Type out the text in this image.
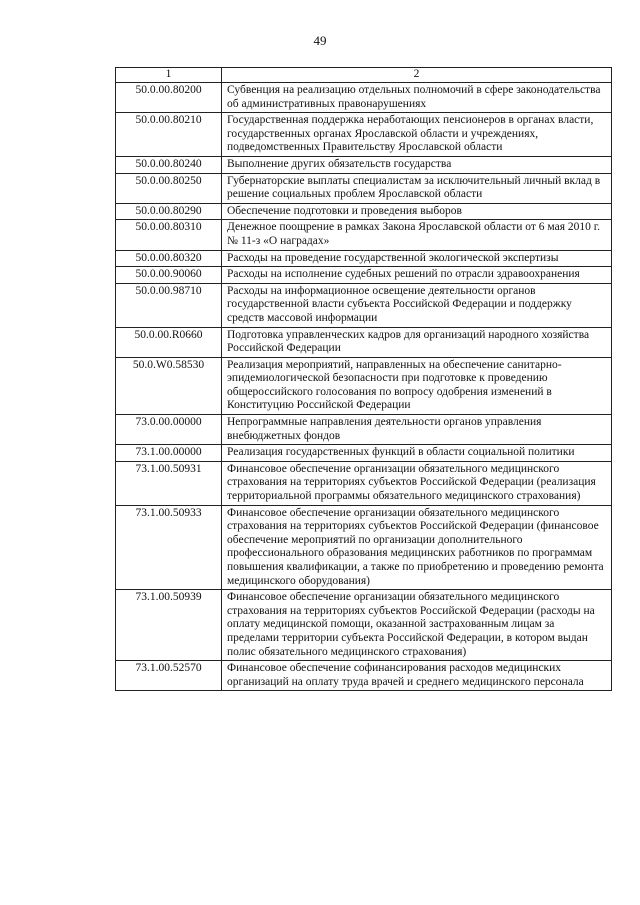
49
1	2
50.0.00.80200	Субвенция на реализацию отдельных полномочий в сфере законодательства об административных правонарушениях
50.0.00.80210	Государственная поддержка неработающих пенсионеров в органах власти, государственных органах Ярославской области и учреждениях, подведомственных Правительству Ярославской области
50.0.00.80240	Выполнение других обязательств государства
50.0.00.80250	Губернаторские выплаты специалистам за исключительный личный вклад в решение социальных проблем Ярославской области
50.0.00.80290	Обеспечение подготовки и проведения выборов
50.0.00.80310	Денежное поощрение в рамках Закона Ярославской области от 6 мая 2010 г. № 11-з «О наградах»
50.0.00.80320	Расходы на проведение государственной экологической экспертизы
50.0.00.90060	Расходы на исполнение судебных решений по отрасли здравоохранения
50.0.00.98710	Расходы на информационное освещение деятельности органов государственной власти субъекта Российской Федерации и поддержку средств массовой информации
50.0.00.R0660	Подготовка управленческих кадров для организаций народного хозяйства Российской Федерации
50.0.W0.58530	Реализация мероприятий, направленных на обеспечение санитарно-эпидемиологической безопасности при подготовке к проведению общероссийского голосования по вопросу одобрения изменений в Конституцию Российской Федерации
73.0.00.00000	Непрограммные направления деятельности органов управления внебюджетных фондов
73.1.00.00000	Реализация государственных функций в области социальной политики
73.1.00.50931	Финансовое обеспечение организации обязательного медицинского страхования на территориях субъектов Российской Федерации (реализация территориальной программы обязательного медицинского страхования)
73.1.00.50933	Финансовое обеспечение организации обязательного медицинского страхования на территориях субъектов Российской Федерации (финансовое обеспечение мероприятий по организации дополнительного профессионального образования медицинских работников по программам повышения квалификации, а также по приобретению и проведению ремонта медицинского оборудования)
73.1.00.50939	Финансовое обеспечение организации обязательного медицинского страхования на территориях субъектов Российской Федерации (расходы на оплату медицинской помощи, оказанной застрахованным лицам за пределами территории субъекта Российской Федерации, в котором выдан полис обязательного медицинского страхования)
73.1.00.52570	Финансовое обеспечение софинансирования расходов медицинских организаций на оплату труда врачей и среднего медицинского персонала
